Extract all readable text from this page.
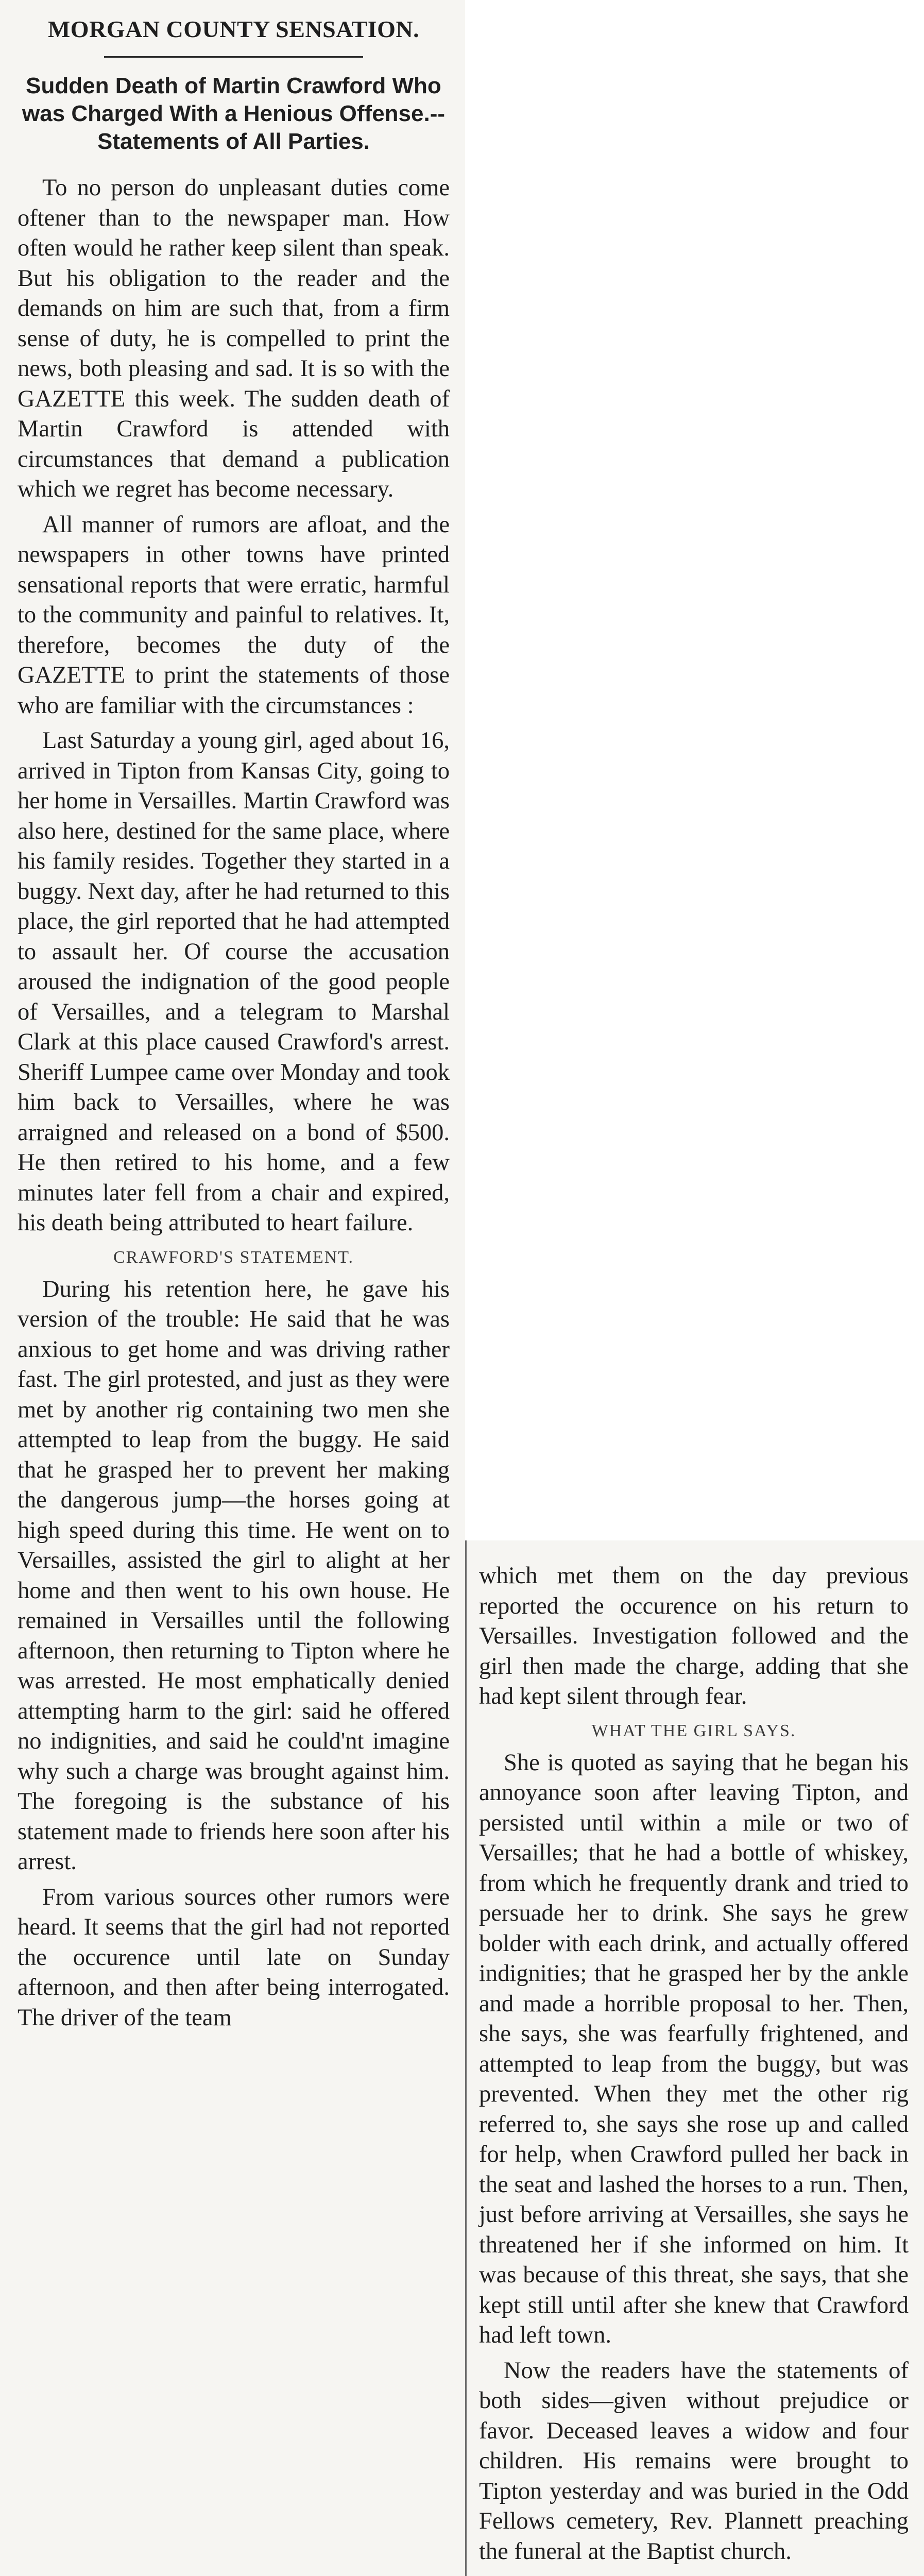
MORGAN COUNTY SENSATION.
Sudden Death of Martin Crawford Who was Charged With a Henious Offense.--Statements of All Parties.

To no person do unpleasant duties come oftener than to the newspaper man. How often would he rather keep silent than speak. But his obligation to the reader and the demands on him are such that, from a firm sense of duty, he is compelled to print the news, both pleasing and sad. It is so with the GAZETTE this week. The sudden death of Martin Crawford is attended with circumstances that demand a publication which we regret has become necessary.

All manner of rumors are afloat, and the newspapers in other towns have printed sensational reports that were erratic, harmful to the community and painful to relatives. It, therefore, becomes the duty of the GAZETTE to print the statements of those who are familiar with the circumstances :

Last Saturday a young girl, aged about 16, arrived in Tipton from Kansas City, going to her home in Versailles. Martin Crawford was also here, destined for the same place, where his family resides. Together they started in a buggy. Next day, after he had returned to this place, the girl reported that he had attempted to assault her. Of course the accusation aroused the indignation of the good people of Versailles, and a telegram to Marshal Clark at this place caused Crawford's arrest. Sheriff Lumpee came over Monday and took him back to Versailles, where he was arraigned and released on a bond of $500. He then retired to his home, and a few minutes later fell from a chair and expired, his death being attributed to heart failure.

CRAWFORD'S STATEMENT.

During his retention here, he gave his version of the trouble: He said that he was anxious to get home and was driving rather fast. The girl protested, and just as they were met by another rig containing two men she attempted to leap from the buggy. He said that he grasped her to prevent her making the dangerous jump—the horses going at high speed during this time. He went on to Versailles, assisted the girl to alight at her home and then went to his own house. He remained in Versailles until the following afternoon, then returning to Tipton where he was arrested. He most emphatically denied attempting harm to the girl: said he offered no indignities, and said he could'nt imagine why such a charge was brought against him. The foregoing is the substance of his statement made to friends here soon after his arrest.

From various sources other rumors were heard. It seems that the girl had not reported the occurence until late on Sunday afternoon, and then after being interrogated. The driver of the team

which met them on the day previous reported the occurence on his return to Versailles. Investigation followed and the girl then made the charge, adding that she had kept silent through fear.

WHAT THE GIRL SAYS.

She is quoted as saying that he began his annoyance soon after leaving Tipton, and persisted until within a mile or two of Versailles; that he had a bottle of whiskey, from which he frequently drank and tried to persuade her to drink. She says he grew bolder with each drink, and actually offered indignities; that he grasped her by the ankle and made a horrible proposal to her. Then, she says, she was fearfully frightened, and attempted to leap from the buggy, but was prevented. When they met the other rig referred to, she says she rose up and called for help, when Crawford pulled her back in the seat and lashed the horses to a run. Then, just before arriving at Versailles, she says he threatened her if she informed on him. It was because of this threat, she says, that she kept still until after she knew that Crawford had left town.

Now the readers have the statements of both sides—given without prejudice or favor. Deceased leaves a widow and four children. His remains were brought to Tipton yesterday and was buried in the Odd Fellows cemetery, Rev. Plannett preaching the funeral at the Baptist church.
